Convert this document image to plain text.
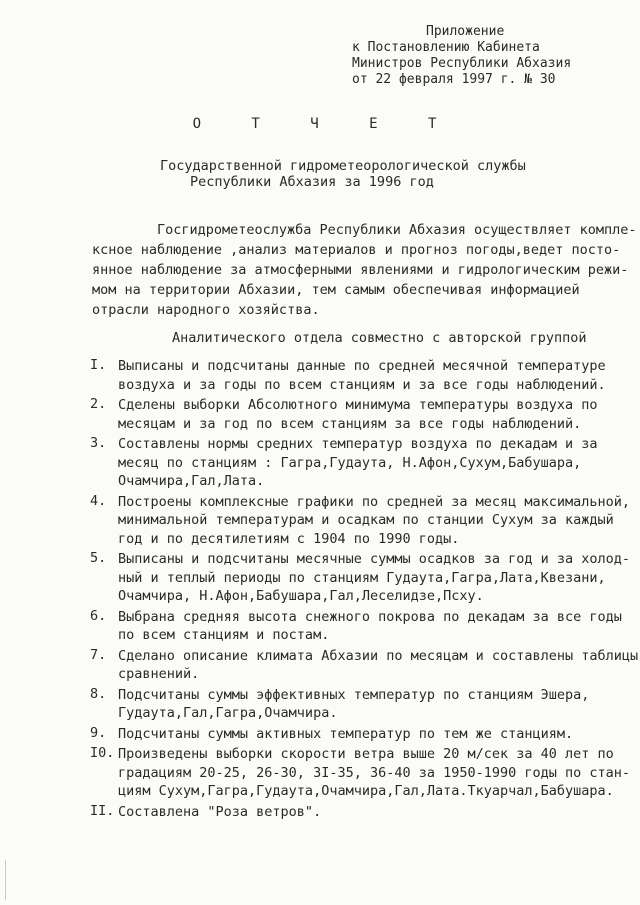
Приложение
к Постановлению Кабинета
Министров Республики Абхазия
от 22 февраля 1997 г. № 30
О Т Ч Е Т
Государственной гидрометеорологической службы
Республики Абхазия за 1996 год
Госгидрометеослужба Республики Абхазия осуществляет комплe-
ксное наблюдение ,анализ материалов и прогноз погоды,ведет посто-
янное наблюдение за атмосферными явлениями и гидрологическим режи-
мом на территории Абхазии, тем самым обеспечивая информацией
отрасли народного хозяйства.
Аналитического отдела совместно с авторской группой
I. Выписаны и подсчитаны данные по средней месячной температуре
воздуха и за годы по всем станциям и за все годы наблюдений.
2. Сделены выборки Абсолютного минимума температуры воздуха по
месяцам и за год по всем станциям за все годы наблюдений.
3. Составлены нормы средних температур воздуха по декадам и за
месяц по станциям : Гагра,Гудаута, Н.Афон,Сухум,Бабушара,
Очамчира,Гал,Лата.
4. Построены комплексные графики по средней за месяц максимальной,
минимальной температурам и осадкам по станции Сухум за каждый
год и по десятилетиям с 1904 по 1990 годы.
5. Выписаны и подсчитаны месячные суммы осадков за год и за холод-
ный и теплый периоды по станциям Гудаута,Гагра,Лата,Квезани,
Очамчира, Н.Афон,Бабушара,Гал,Леселидзе,Псху.
6. Выбрана средняя высота снежного покрова по декадам за все годы
по всем станциям и постам.
7. Сделано описание климата Абхазии по месяцам и составлены таблицы
сравнений.
8. Подсчитаны суммы эффективных температур по станциям Эшера,
Гудаута,Гал,Гагра,Очамчира.
9. Подсчитаны суммы активных температур по тем же станциям.
I0. Произведены выборки скорости ветра выше 20 м/сек за 40 лет по
градациям 20-25, 26-30, 3I-35, 36-40 за 1950-1990 годы по стан-
циям Сухум,Гагра,Гудаута,Очамчира,Гал,Лата.Ткуарчал,Бабушара.
II. Составлена "Роза ветров".
